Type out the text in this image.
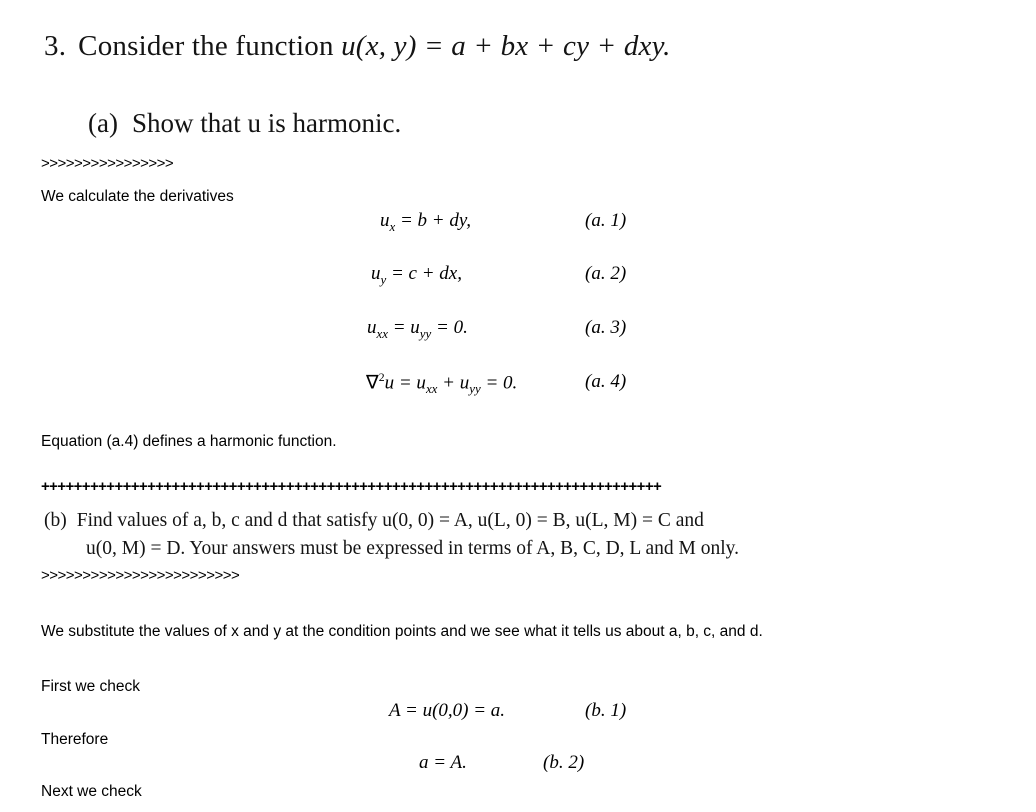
3. Consider the function u(x, y) = a + bx + cy + dxy.
(a) Show that u is harmonic.
>>>>>>>>>>>>>>>>
We calculate the derivatives
$u_x = b$ + dy,	(a. 1)
$u_y = c$ + dx,	(a. 2)
$u_{xx} = u_{yy} = 0$.	(a. 3)
$\nabla^2u = u_{xx} + u_{yy} = 0$.	(a. 4)
Equation (a.4) defines a harmonic function.
++++++++++++++++++++++++++++++++++++++++++++++++++++++++++++++++++++++++++++
(b) Find values of a, b, c and d that satisfy u(0, 0) = A, u(L, 0) = B, u(L, M) = C and
u(0, M) = D. Your answers must be expressed in terms of A, B, C, D, L and M only.
>>>>>>>>>>>>>>>>>>>>>>>>
We substitute the values of x and y at the condition points and we see what it tells us about a, b, c, and d.
First we check
A = u(0,0) = a.	(b. 1)
Therefore
a = A.	(b. 2)
Next we check
